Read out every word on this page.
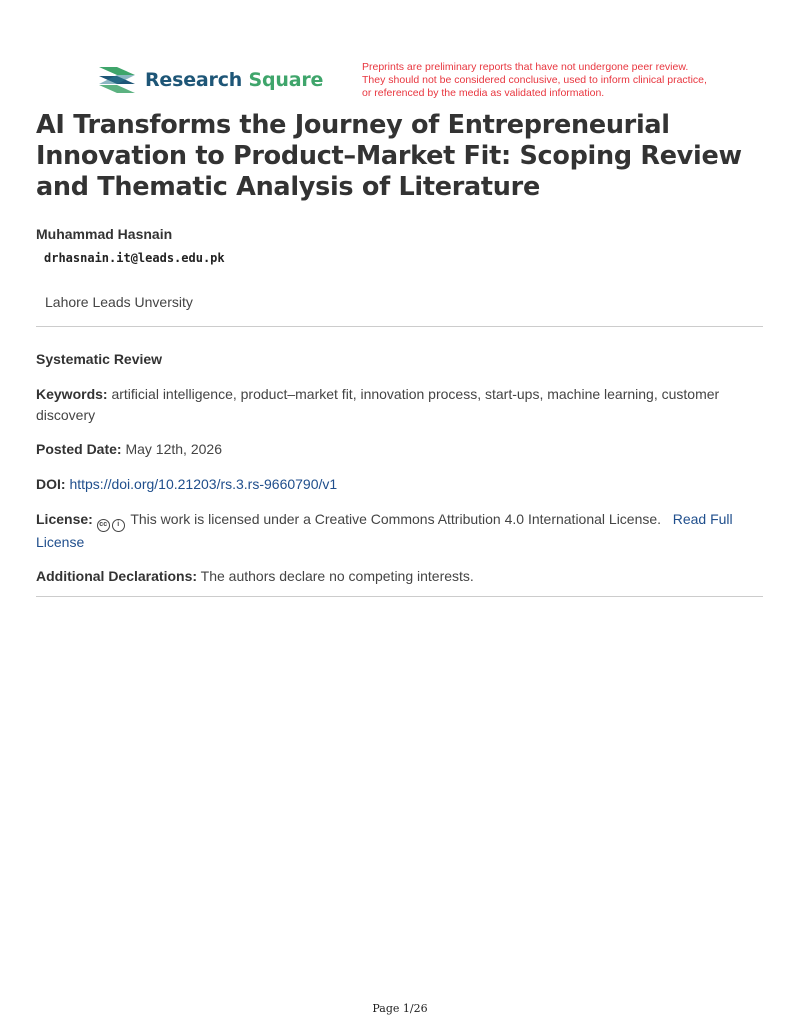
Research Square
Preprints are preliminary reports that have not undergone peer review.
They should not be considered conclusive, used to inform clinical practice,
or referenced by the media as validated information.
AI Transforms the Journey of Entrepreneurial Innovation to Product–Market Fit: Scoping Review and Thematic Analysis of Literature
Muhammad Hasnain
drhasnain.it@leads.edu.pk
Lahore Leads Unversity
Systematic Review
Keywords: artificial intelligence, product–market fit, innovation process, start-ups, machine learning, customer discovery
Posted Date: May 12th, 2026
DOI: https://doi.org/10.21203/rs.3.rs-9660790/v1
License: cc i This work is licensed under a Creative Commons Attribution 4.0 International License. Read Full License
Additional Declarations: The authors declare no competing interests.
Page 1/26
